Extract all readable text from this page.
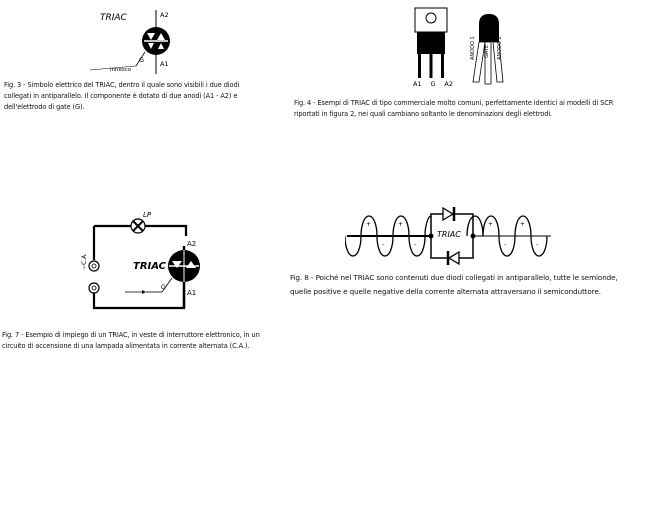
TRIAC	A2
A1
G
innesco
Fig. 3 - Simbolo elettrico del TRIAC, dentro il quale sono visibili i due diodi collegati in antiparallelo. Il componente è dotato di due anodi (A1 - A2) e dell'elettrodo di gate (G).
A1 G A2
ANODO 1 GATE ANODO 2
Fig. 4 - Esempi di TRIAC di tipo commerciale molto comuni, perfettamente identici ai modelli di SCR riportati in figura 2, nei quali cambiano soltanto le denominazioni degli elettrodi.
LP
~C.A.	TRIAC
A2
A1
G
Fig. 7 - Esempio di impiego di un TRIAC, in veste di interruttore elettronico, in un circuito di accensione di una lampada alimentata in corrente alternata (C.A.).
TRIAC
+	+
-	-
+	+
-	-
Fig. 8 - Poiché nel TRIAC sono contenuti due diodi collegati in antiparallelo, tutte le semionde, quelle positive e quelle negative della corrente alternata attraversano il semiconduttore.
